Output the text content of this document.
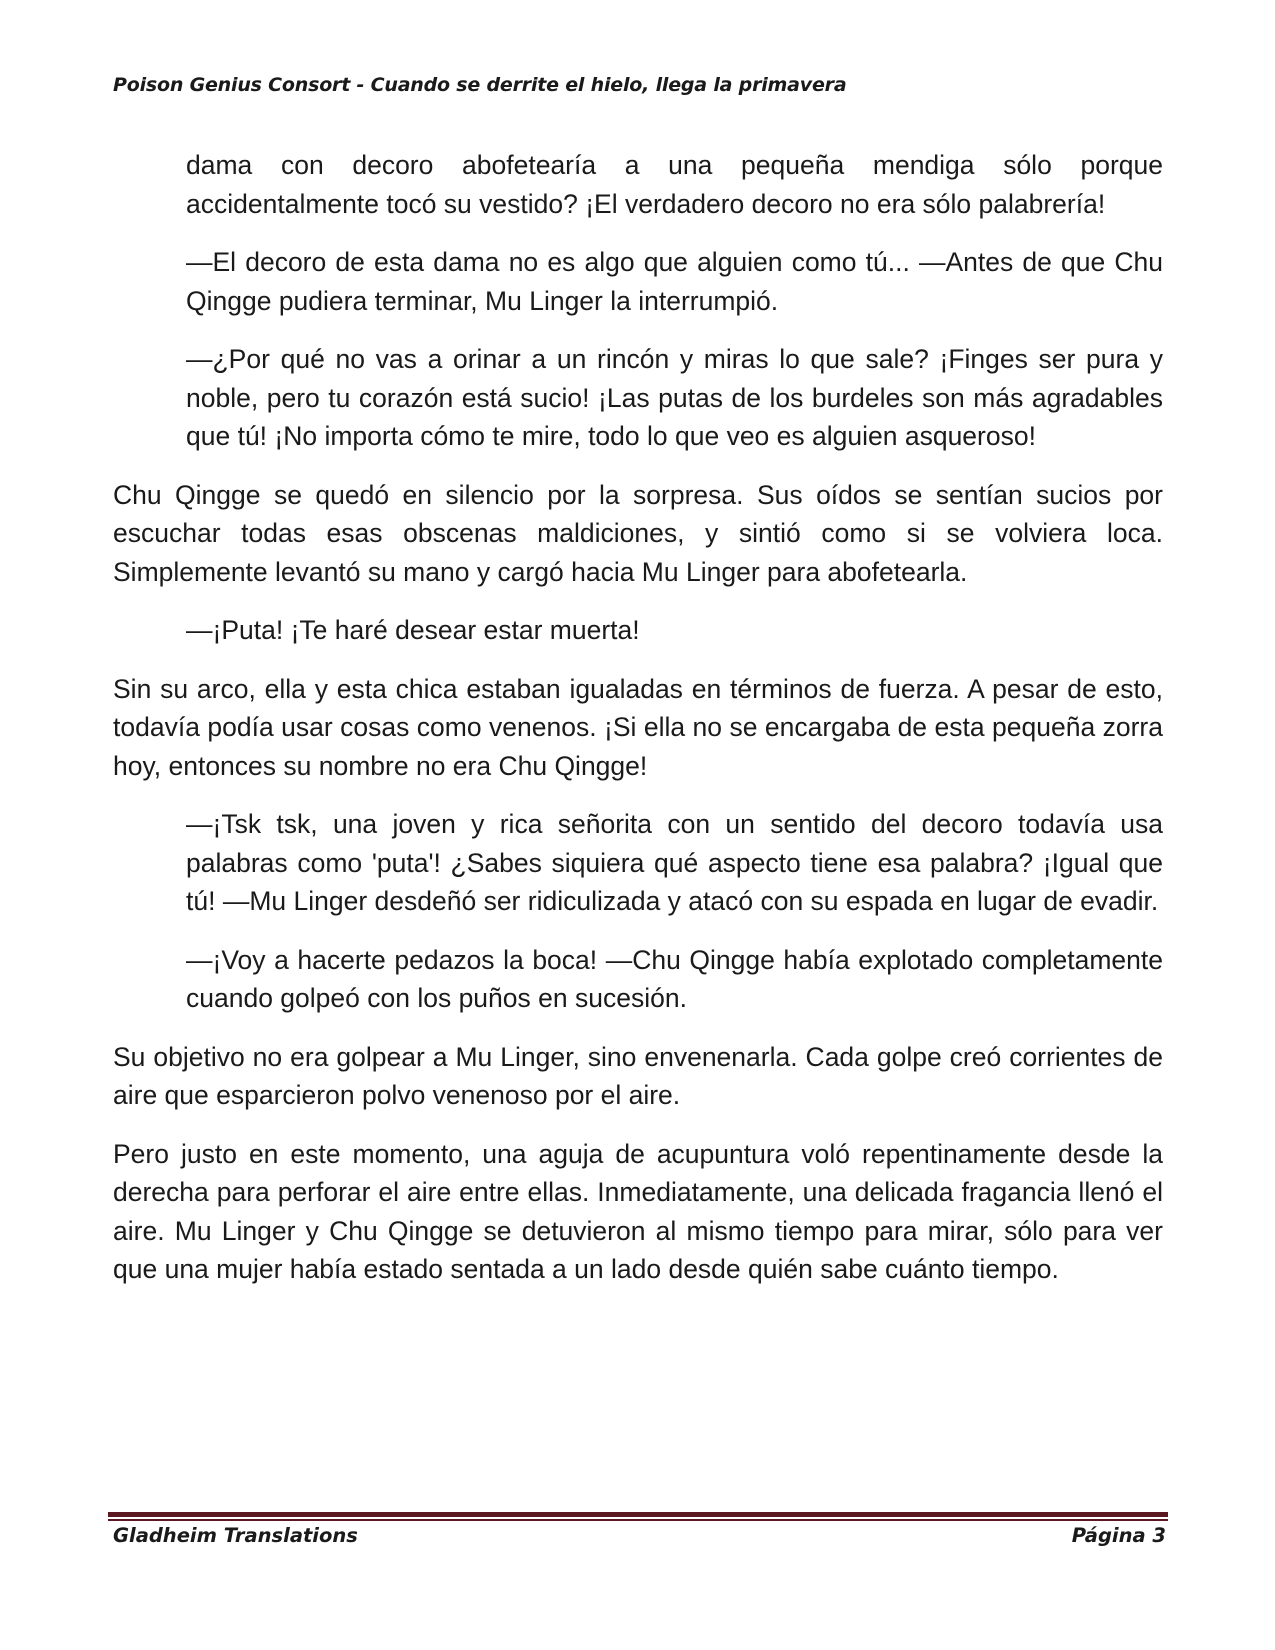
Poison Genius Consort - Cuando se derrite el hielo, llega la primavera

dama con decoro abofetearía a una pequeña mendiga sólo porque accidentalmente tocó su vestido? ¡El verdadero decoro no era sólo palabrería!

—El decoro de esta dama no es algo que alguien como tú... —Antes de que Chu Qingge pudiera terminar, Mu Linger la interrumpió.

—¿Por qué no vas a orinar a un rincón y miras lo que sale? ¡Finges ser pura y noble, pero tu corazón está sucio! ¡Las putas de los burdeles son más agradables que tú! ¡No importa cómo te mire, todo lo que veo es alguien asqueroso!

Chu Qingge se quedó en silencio por la sorpresa. Sus oídos se sentían sucios por escuchar todas esas obscenas maldiciones, y sintió como si se volviera loca. Simplemente levantó su mano y cargó hacia Mu Linger para abofetearla.

—¡Puta! ¡Te haré desear estar muerta!

Sin su arco, ella y esta chica estaban igualadas en términos de fuerza. A pesar de esto, todavía podía usar cosas como venenos. ¡Si ella no se encargaba de esta pequeña zorra hoy, entonces su nombre no era Chu Qingge!

—¡Tsk tsk, una joven y rica señorita con un sentido del decoro todavía usa palabras como 'puta'! ¿Sabes siquiera qué aspecto tiene esa palabra? ¡Igual que tú! —Mu Linger desdeñó ser ridiculizada y atacó con su espada en lugar de evadir.

—¡Voy a hacerte pedazos la boca! —Chu Qingge había explotado completamente cuando golpeó con los puños en sucesión.

Su objetivo no era golpear a Mu Linger, sino envenenarla. Cada golpe creó corrientes de aire que esparcieron polvo venenoso por el aire.

Pero justo en este momento, una aguja de acupuntura voló repentinamente desde la derecha para perforar el aire entre ellas. Inmediatamente, una delicada fragancia llenó el aire. Mu Linger y Chu Qingge se detuvieron al mismo tiempo para mirar, sólo para ver que una mujer había estado sentada a un lado desde quién sabe cuánto tiempo.

Gladheim Translations	Página 3
